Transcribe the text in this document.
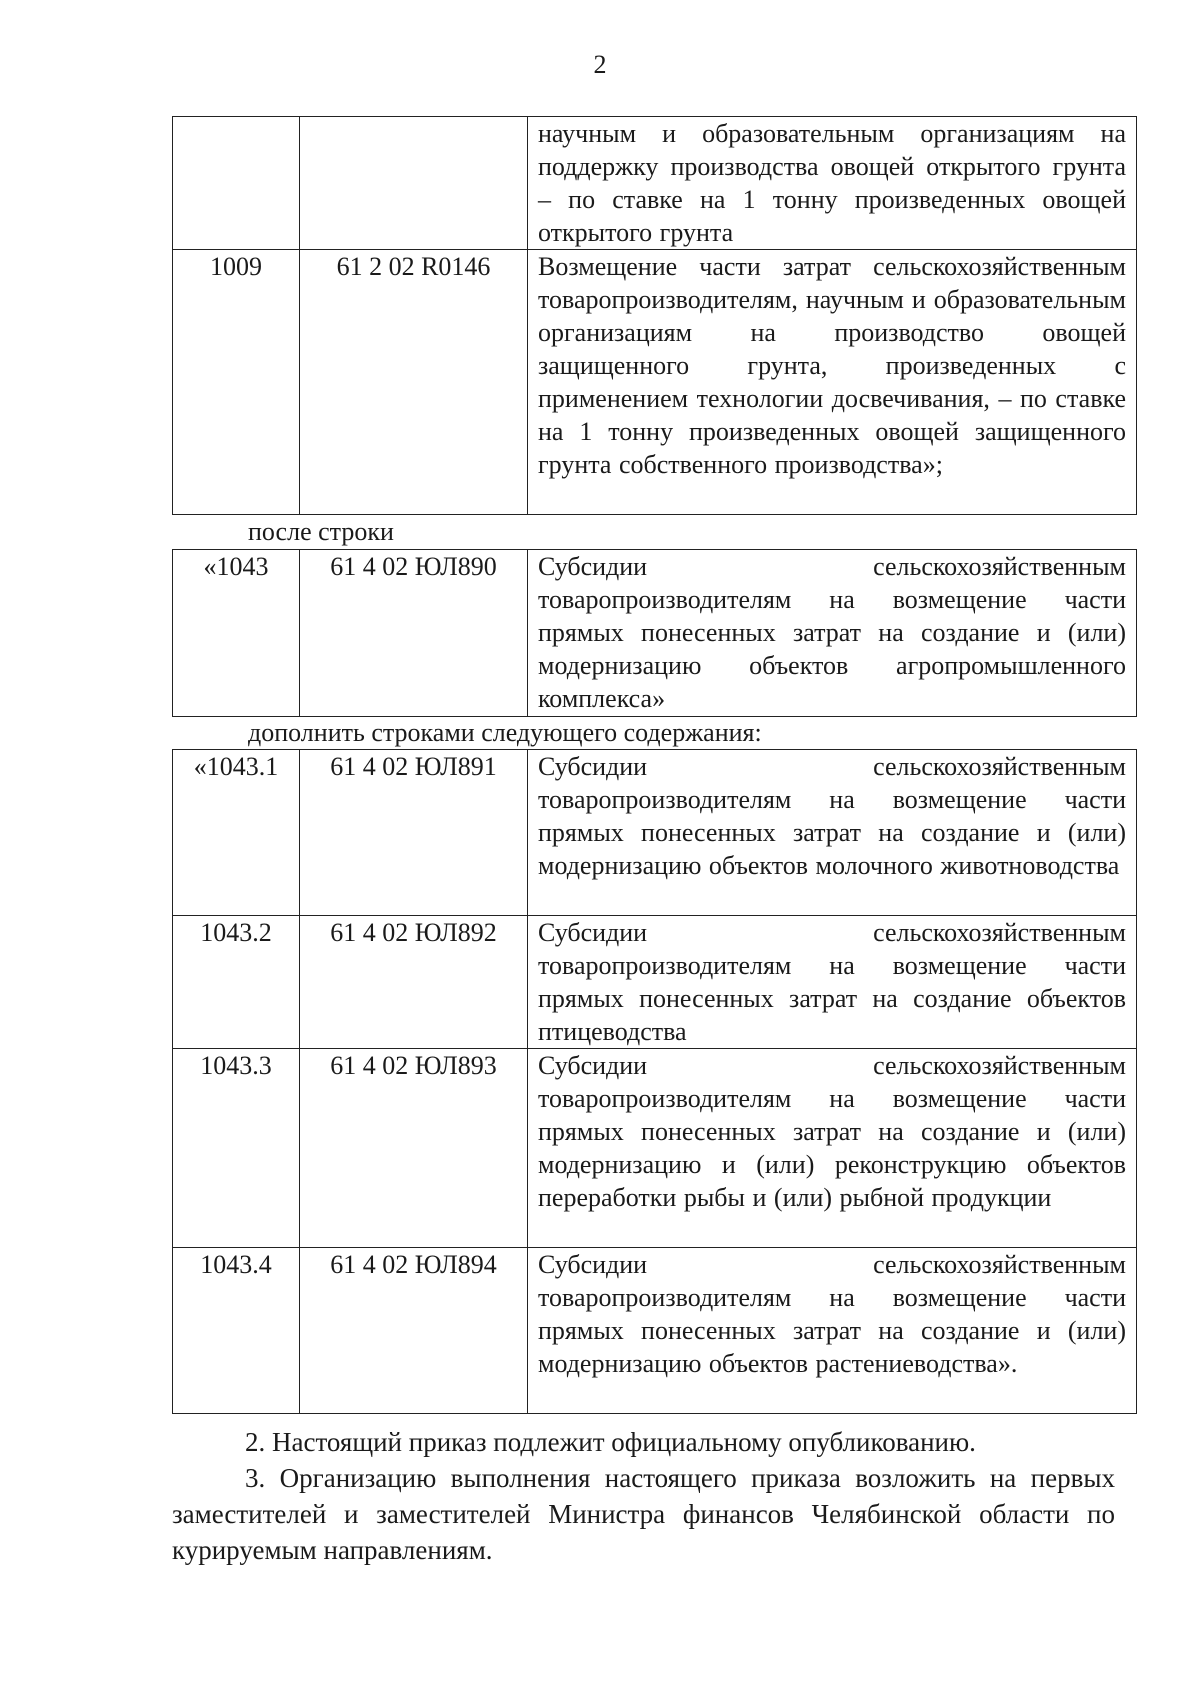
2
		научным и образовательным организациям на поддержку производства овощей открытого грунта – по ставке на 1 тонну произведенных овощей открытого грунта
1009	61 2 02 R0146	Возмещение части затрат сельскохозяйственным товаропроизводителям, научным и образовательным организациям на производство овощей защищенного грунта, произведенных с применением технологии досвечивания, – по ставке на 1 тонну произведенных овощей защищенного грунта собственного производства»;
после строки
«1043	61 4 02 ЮЛ890	Субсидии сельскохозяйственным товаропроизводителям на возмещение части прямых понесенных затрат на создание и (или) модернизацию объектов агропромышленного комплекса»
дополнить строками следующего содержания:
«1043.1	61 4 02 ЮЛ891	Субсидии сельскохозяйственным товаропроизводителям на возмещение части прямых понесенных затрат на создание и (или) модернизацию объектов молочного животноводства
1043.2	61 4 02 ЮЛ892	Субсидии сельскохозяйственным товаропроизводителям на возмещение части прямых понесенных затрат на создание объектов птицеводства
1043.3	61 4 02 ЮЛ893	Субсидии сельскохозяйственным товаропроизводителям на возмещение части прямых понесенных затрат на создание и (или) модернизацию и (или) реконструкцию объектов переработки рыбы и (или) рыбной продукции
1043.4	61 4 02 ЮЛ894	Субсидии сельскохозяйственным товаропроизводителям на возмещение части прямых понесенных затрат на создание и (или) модернизацию объектов растениеводства».
2. Настоящий приказ подлежит официальному опубликованию.
3. Организацию выполнения настоящего приказа возложить на первых заместителей и заместителей Министра финансов Челябинской области по курируемым направлениям.
